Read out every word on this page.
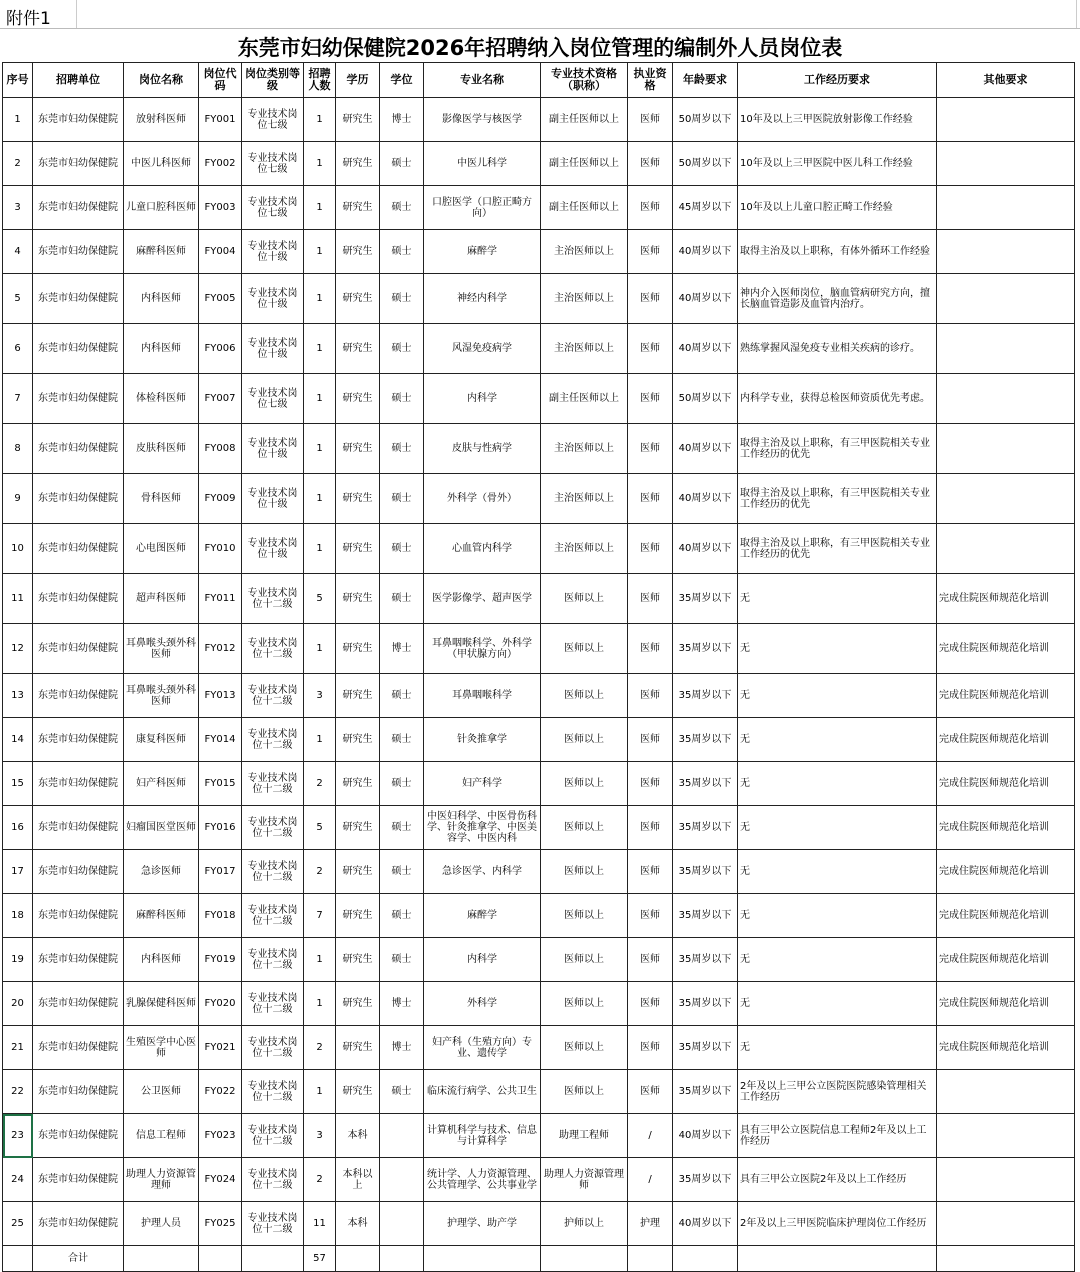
附件1
东莞市妇幼保健院2026年招聘纳入岗位管理的编制外人员岗位表
序号	招聘单位	岗位名称	岗位代码	岗位类别等级	招聘人数	学历	学位	专业名称	专业技术资格（职称）	执业资格	年龄要求	工作经历要求	其他要求
1	东莞市妇幼保健院	放射科医师	FY001	专业技术岗位七级	1	研究生	博士	影像医学与核医学	副主任医师以上	医师	50周岁以下	10年及以上三甲医院放射影像工作经验	
2	东莞市妇幼保健院	中医儿科医师	FY002	专业技术岗位七级	1	研究生	硕士	中医儿科学	副主任医师以上	医师	50周岁以下	10年及以上三甲医院中医儿科工作经验	
3	东莞市妇幼保健院	儿童口腔科医师	FY003	专业技术岗位七级	1	研究生	硕士	口腔医学（口腔正畸方向）	副主任医师以上	医师	45周岁以下	10年及以上儿童口腔正畸工作经验	
4	东莞市妇幼保健院	麻醉科医师	FY004	专业技术岗位十级	1	研究生	硕士	麻醉学	主治医师以上	医师	40周岁以下	取得主治及以上职称，有体外循环工作经验	
5	东莞市妇幼保健院	内科医师	FY005	专业技术岗位十级	1	研究生	硕士	神经内科学	主治医师以上	医师	40周岁以下	神内介入医师岗位，脑血管病研究方向，擅长脑血管造影及血管内治疗。	
6	东莞市妇幼保健院	内科医师	FY006	专业技术岗位十级	1	研究生	硕士	风湿免疫病学	主治医师以上	医师	40周岁以下	熟练掌握风湿免疫专业相关疾病的诊疗。	
7	东莞市妇幼保健院	体检科医师	FY007	专业技术岗位七级	1	研究生	硕士	内科学	副主任医师以上	医师	50周岁以下	内科学专业，获得总检医师资质优先考虑。	
8	东莞市妇幼保健院	皮肤科医师	FY008	专业技术岗位十级	1	研究生	硕士	皮肤与性病学	主治医师以上	医师	40周岁以下	取得主治及以上职称，有三甲医院相关专业工作经历的优先	
9	东莞市妇幼保健院	骨科医师	FY009	专业技术岗位十级	1	研究生	硕士	外科学（骨外）	主治医师以上	医师	40周岁以下	取得主治及以上职称，有三甲医院相关专业工作经历的优先	
10	东莞市妇幼保健院	心电图医师	FY010	专业技术岗位十级	1	研究生	硕士	心血管内科学	主治医师以上	医师	40周岁以下	取得主治及以上职称，有三甲医院相关专业工作经历的优先	
11	东莞市妇幼保健院	超声科医师	FY011	专业技术岗位十二级	5	研究生	硕士	医学影像学、超声医学	医师以上	医师	35周岁以下	无	完成住院医师规范化培训
12	东莞市妇幼保健院	耳鼻喉头颈外科医师	FY012	专业技术岗位十二级	1	研究生	博士	耳鼻咽喉科学、外科学（甲状腺方向）	医师以上	医师	35周岁以下	无	完成住院医师规范化培训
13	东莞市妇幼保健院	耳鼻喉头颈外科医师	FY013	专业技术岗位十二级	3	研究生	硕士	耳鼻咽喉科学	医师以上	医师	35周岁以下	无	完成住院医师规范化培训
14	东莞市妇幼保健院	康复科医师	FY014	专业技术岗位十二级	1	研究生	硕士	针灸推拿学	医师以上	医师	35周岁以下	无	完成住院医师规范化培训
15	东莞市妇幼保健院	妇产科医师	FY015	专业技术岗位十二级	2	研究生	硕士	妇产科学	医师以上	医师	35周岁以下	无	完成住院医师规范化培训
16	东莞市妇幼保健院	妇瘤国医堂医师	FY016	专业技术岗位十二级	5	研究生	硕士	中医妇科学、中医骨伤科学、针灸推拿学、中医美容学、中医内科	医师以上	医师	35周岁以下	无	完成住院医师规范化培训
17	东莞市妇幼保健院	急诊医师	FY017	专业技术岗位十二级	2	研究生	硕士	急诊医学、内科学	医师以上	医师	35周岁以下	无	完成住院医师规范化培训
18	东莞市妇幼保健院	麻醉科医师	FY018	专业技术岗位十二级	7	研究生	硕士	麻醉学	医师以上	医师	35周岁以下	无	完成住院医师规范化培训
19	东莞市妇幼保健院	内科医师	FY019	专业技术岗位十二级	1	研究生	硕士	内科学	医师以上	医师	35周岁以下	无	完成住院医师规范化培训
20	东莞市妇幼保健院	乳腺保健科医师	FY020	专业技术岗位十二级	1	研究生	博士	外科学	医师以上	医师	35周岁以下	无	完成住院医师规范化培训
21	东莞市妇幼保健院	生殖医学中心医师	FY021	专业技术岗位十二级	2	研究生	博士	妇产科（生殖方向）专业、遗传学	医师以上	医师	35周岁以下	无	完成住院医师规范化培训
22	东莞市妇幼保健院	公卫医师	FY022	专业技术岗位十二级	1	研究生	硕士	临床流行病学、公共卫生	医师以上	医师	35周岁以下	2年及以上三甲公立医院医院感染管理相关工作经历	
23	东莞市妇幼保健院	信息工程师	FY023	专业技术岗位十二级	3	本科		计算机科学与技术、信息与计算科学	助理工程师	/	40周岁以下	具有三甲公立医院信息工程师2年及以上工作经历	
24	东莞市妇幼保健院	助理人力资源管理师	FY024	专业技术岗位十二级	2	本科以上		统计学、人力资源管理、公共管理学、公共事业学	助理人力资源管理师	/	35周岁以下	具有三甲公立医院2年及以上工作经历	
25	东莞市妇幼保健院	护理人员	FY025	专业技术岗位十二级	11	本科		护理学、助产学	护师以上	护理	40周岁以下	2年及以上三甲医院临床护理岗位工作经历	
	合计				57								
